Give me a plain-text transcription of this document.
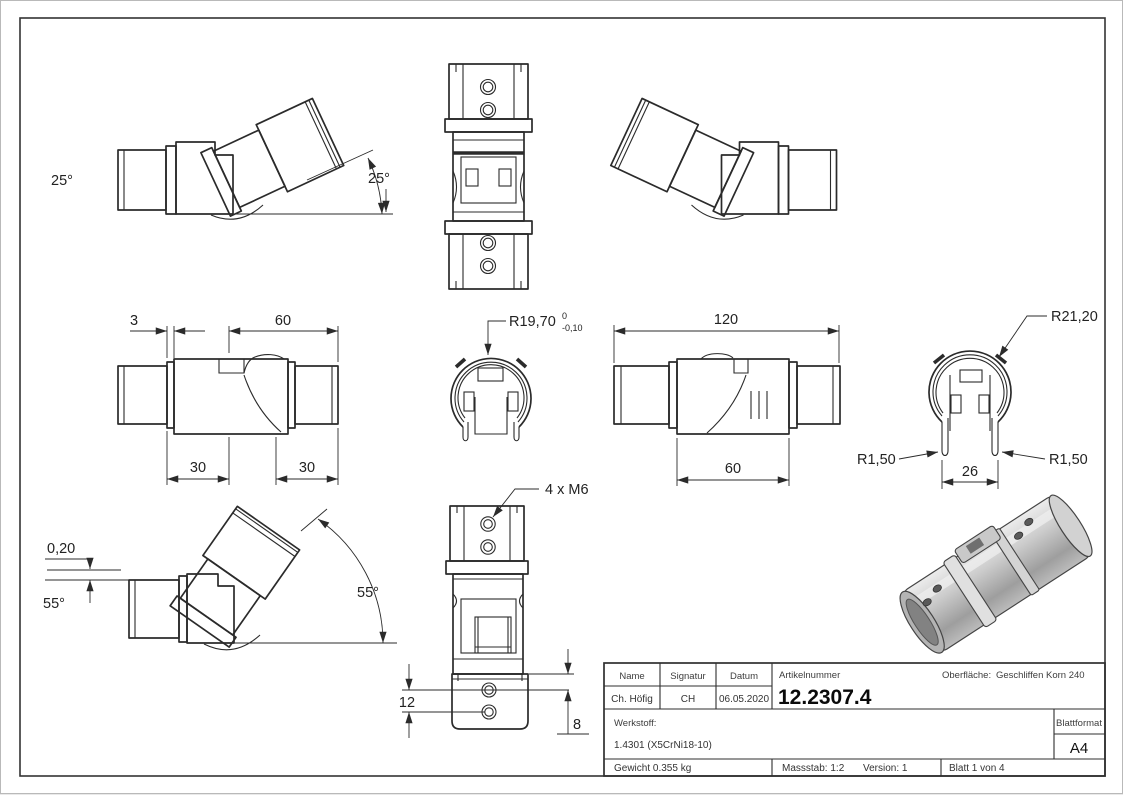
25°
25°
3	60
30	30
R19,70 0
-0,10	120
60
R21,20
R1,50	R1,50
26
55°
55°
0,20
4 x M6
12
8
Name	Signatur	Datum
Ch. Höfig	CH 06.05.2020
Artikelnummer
12.2307.4
Oberfläche: Geschliffen Korn 240
Werkstoff:
1.4301 (X5CrNi18-10)
Blattformat
A4
Gewicht 0.355 kg	Massstab: 1:2 Version: 1	Blatt 1 von 4
